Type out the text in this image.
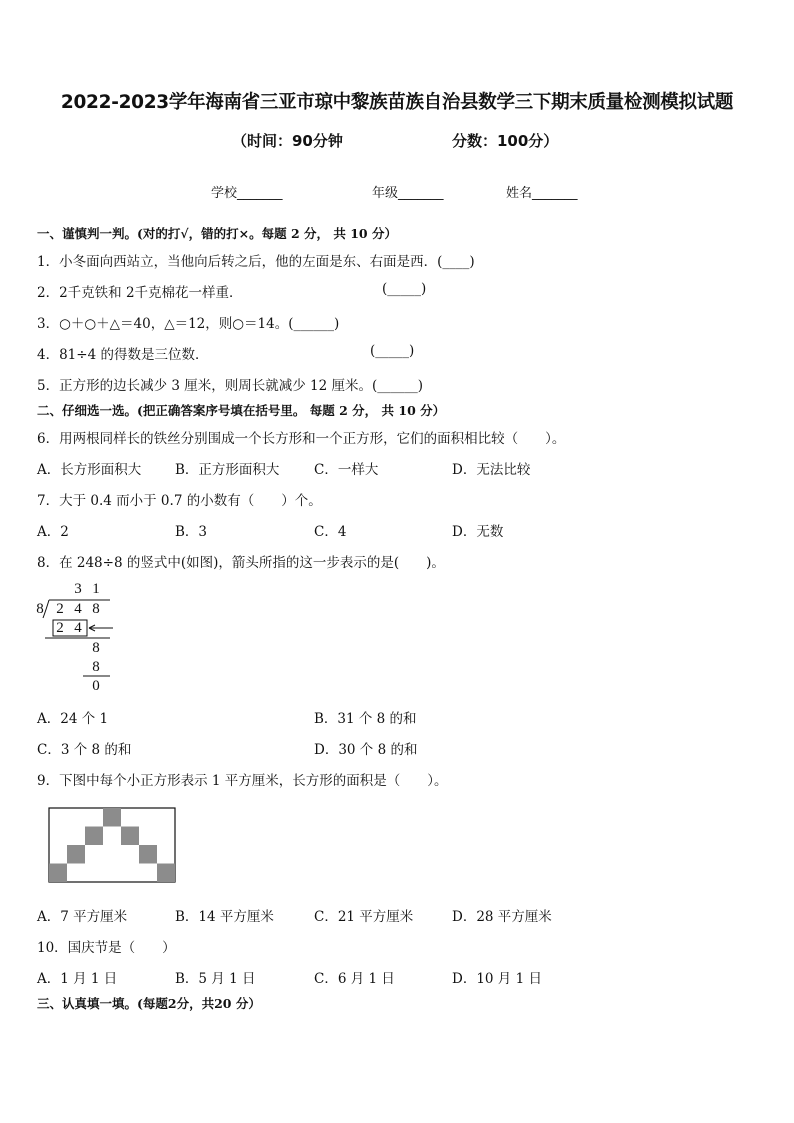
2022-2023学年海南省三亚市琼中黎族苗族自治县数学三下期末质量检测模拟试题
（时间：90分钟	分数：100分）
学校_______	年级_______	姓名_______
一、谨慎判一判。(对的打√，错的打×。每题 2 分， 共 10 分）
1．小冬面向西站立，当他向后转之后，他的左面是东、右面是西．(____)
2．2千克铁和 2千克棉花一样重．	(_____)
3．○＋○＋△＝40，△＝12，则○＝14。(______)
4．81÷4 的得数是三位数．	(_____)
5．正方形的边长减少 3 厘米，则周长就减少 12 厘米。(______)
二、仔细选一选。(把正确答案序号填在括号里。 每题 2 分， 共 10 分）
6．用两根同样长的铁丝分别围成一个长方形和一个正方形，它们的面积相比较（　　）。
A．长方形面积大	B．正方形面积大	C．一样大	D．无法比较
7．大于 0.4 而小于 0.7 的小数有（　　）个。
A．2	B．3	C．4	D．无数
8．在 248÷8 的竖式中(如图)，箭头所指的这一步表示的是(　　)。
3 1
8 2 4 8
2 4
8
8
0
A．24 个 1	B．31 个 8 的和
C．3 个 8 的和	D．30 个 8 的和
9．下图中每个小正方形表示 1 平方厘米，长方形的面积是（　　）。
A．7 平方厘米	B．14 平方厘米	C．21 平方厘米	D．28 平方厘米
10．国庆节是（　　）
A．1 月 1 日	B．5 月 1 日	C．6 月 1 日	D．10 月 1 日
三、认真填一填。(每题2分，共20 分）
